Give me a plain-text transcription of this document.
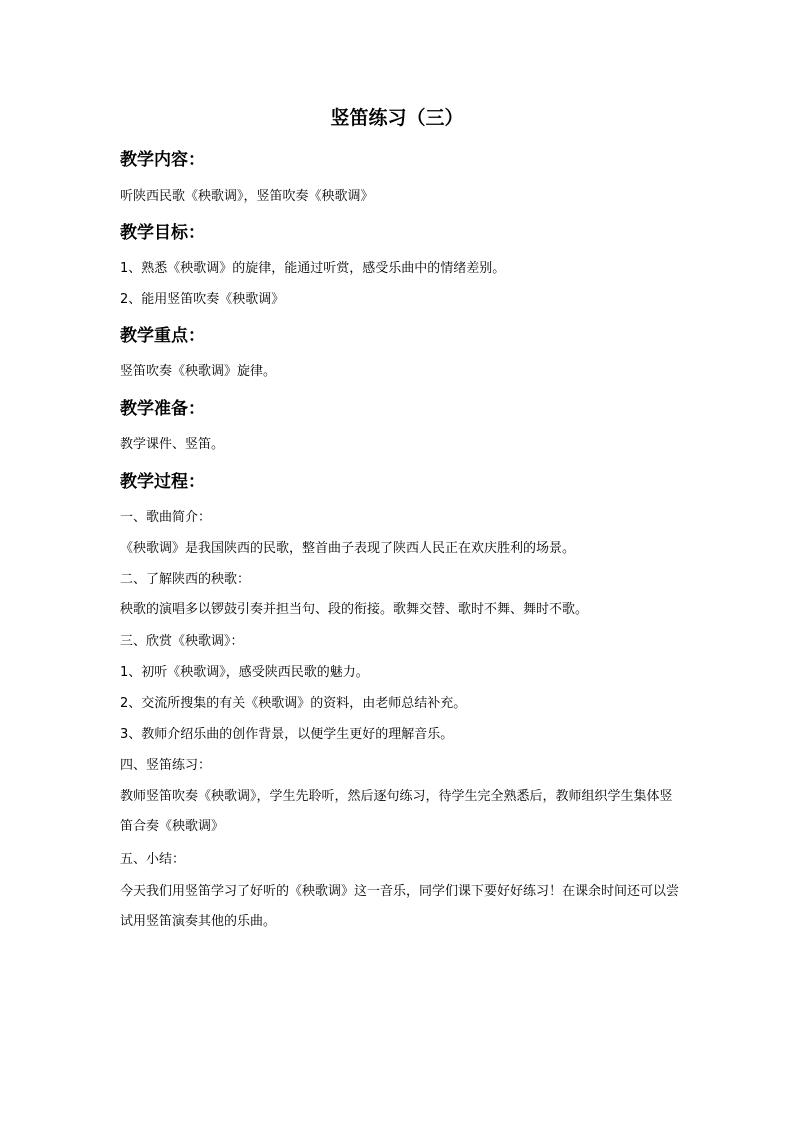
竖笛练习（三）

教学内容：

听陕西民歌《秧歌调》，竖笛吹奏《秧歌调》

教学目标：

1、熟悉《秧歌调》的旋律，能通过听赏，感受乐曲中的情绪差别。

2、能用竖笛吹奏《秧歌调》

教学重点：

竖笛吹奏《秧歌调》旋律。

教学准备：

教学课件、竖笛。

教学过程：

一、歌曲简介：

《秧歌调》是我国陕西的民歌，整首曲子表现了陕西人民正在欢庆胜利的场景。

二、了解陕西的秧歌：

秧歌的演唱多以锣鼓引奏并担当句、段的衔接。歌舞交替、歌时不舞、舞时不歌。

三、欣赏《秧歌调》：

1、初听《秧歌调》，感受陕西民歌的魅力。

2、交流所搜集的有关《秧歌调》的资料，由老师总结补充。

3、教师介绍乐曲的创作背景，以便学生更好的理解音乐。

四、竖笛练习：

教师竖笛吹奏《秧歌调》，学生先聆听，然后逐句练习，待学生完全熟悉后，教师组织学生集体竖笛合奏《秧歌调》

五、小结：

今天我们用竖笛学习了好听的《秧歌调》这一音乐，同学们课下要好好练习！在课余时间还可以尝试用竖笛演奏其他的乐曲。
